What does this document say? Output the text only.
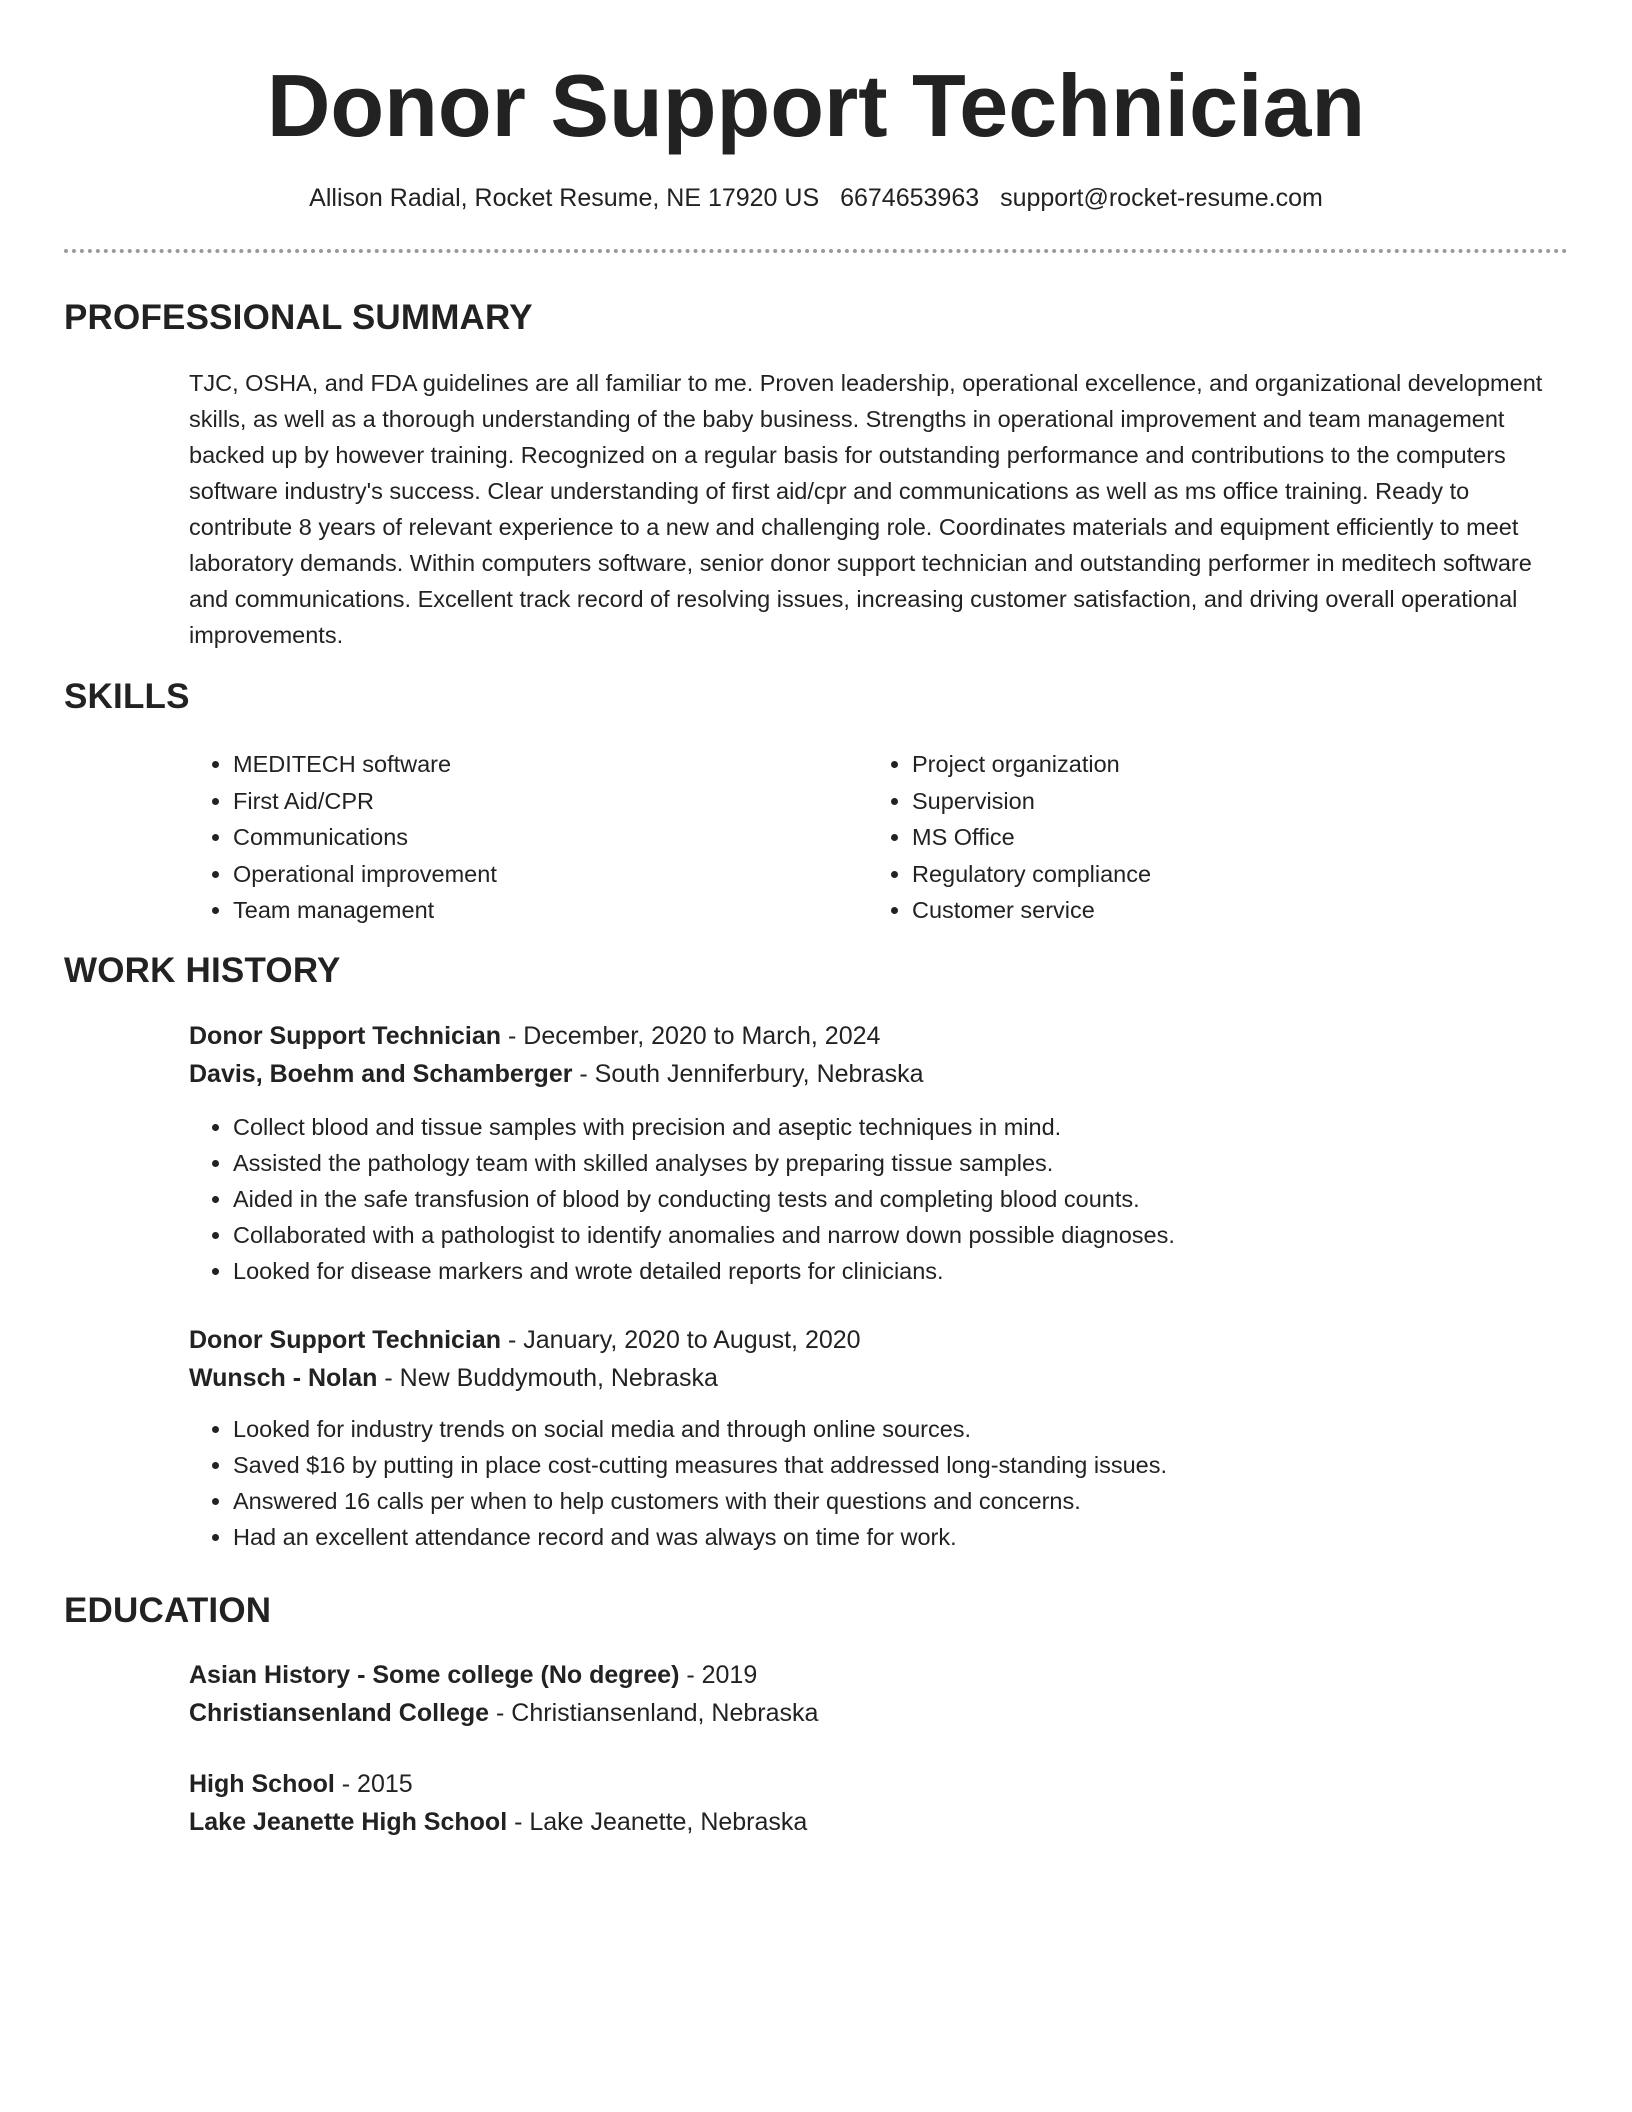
Donor Support Technician
Allison Radial, Rocket Resume, NE 17920 US 6674653963 support@rocket-resume.com
PROFESSIONAL SUMMARY

TJC, OSHA, and FDA guidelines are all familiar to me. Proven leadership, operational excellence, and organizational development skills, as well as a thorough understanding of the baby business. Strengths in operational improvement and team management backed up by however training. Recognized on a regular basis for outstanding performance and contributions to the computers software industry's success. Clear understanding of first aid/cpr and communications as well as ms office training. Ready to contribute 8 years of relevant experience to a new and challenging role. Coordinates materials and equipment efficiently to meet laboratory demands. Within computers software, senior donor support technician and outstanding performer in meditech software and communications. Excellent track record of resolving issues, increasing customer satisfaction, and driving overall operational improvements.

SKILLS
• MEDITECH software
• First Aid/CPR
• Communications
• Operational improvement
• Team management
• Project organization
• Supervision
• MS Office
• Regulatory compliance
• Customer service
WORK HISTORY
Donor Support Technician - December, 2020 to March, 2024
Davis, Boehm and Schamberger - South Jenniferbury, Nebraska
• Collect blood and tissue samples with precision and aseptic techniques in mind.
• Assisted the pathology team with skilled analyses by preparing tissue samples.
• Aided in the safe transfusion of blood by conducting tests and completing blood counts.
• Collaborated with a pathologist to identify anomalies and narrow down possible diagnoses.
• Looked for disease markers and wrote detailed reports for clinicians.
Donor Support Technician - January, 2020 to August, 2020
Wunsch - Nolan - New Buddymouth, Nebraska
• Looked for industry trends on social media and through online sources.
• Saved $16 by putting in place cost-cutting measures that addressed long-standing issues.
• Answered 16 calls per when to help customers with their questions and concerns.
• Had an excellent attendance record and was always on time for work.
EDUCATION
Asian History - Some college (No degree) - 2019
Christiansenland College - Christiansenland, Nebraska
High School - 2015
Lake Jeanette High School - Lake Jeanette, Nebraska
